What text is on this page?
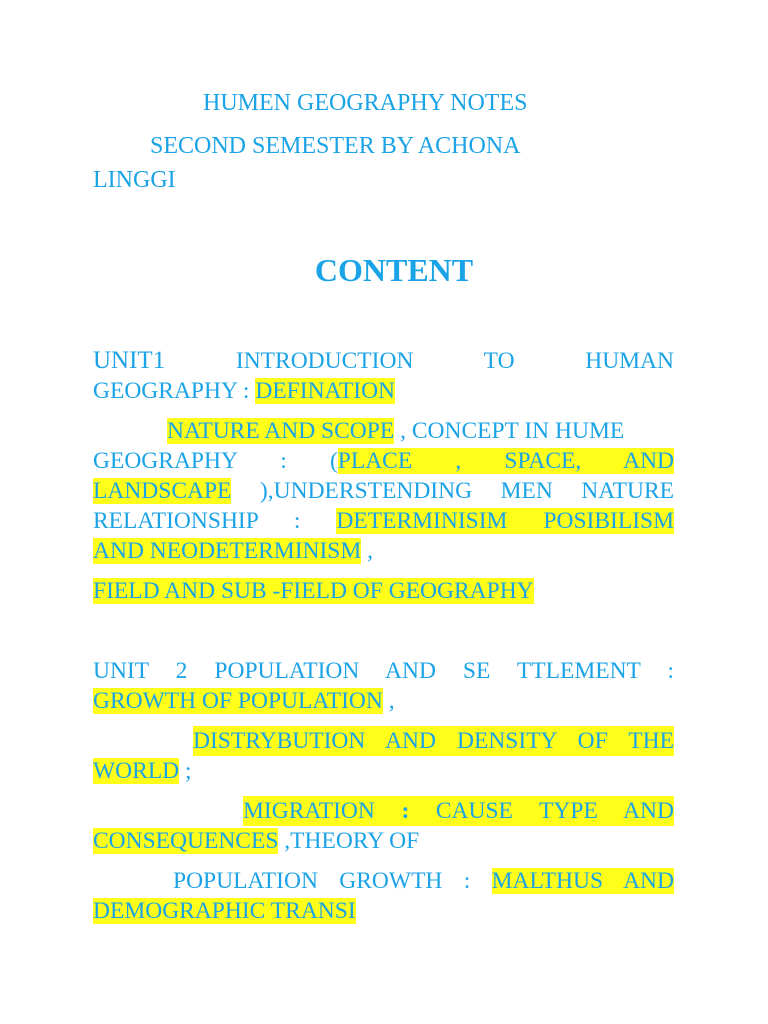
HUMEN GEOGRAPHY NOTES
SECOND SEMESTER BY ACHONA
LINGGI
CONTENT
UNIT1	INTRODUCTION	TO	HUMAN
GEOGRAPHY : DEFINATION
NATURE AND SCOPE , CONCEPT IN HUME
GEOGRAPHY : (PLACE , SPACE, AND
LANDSCAPE ),UNDERSTENDING MEN NATURE
RELATIONSHIP : DETERMINISIM POSIBILISM
AND NEODETERMINISM ,
FIELD AND SUB -FIELD OF GEOGRAPHY
UNIT 2 POPULATION AND SE TTLEMENT :
GROWTH OF POPULATION ,
DISTRYBUTION AND DENSITY OF THE
WORLD ;
MIGRATION : CAUSE TYPE AND
CONSEQUENCES ,THEORY OF
POPULATION GROWTH : MALTHUS AND
DEMOGRAPHIC TRANSI
